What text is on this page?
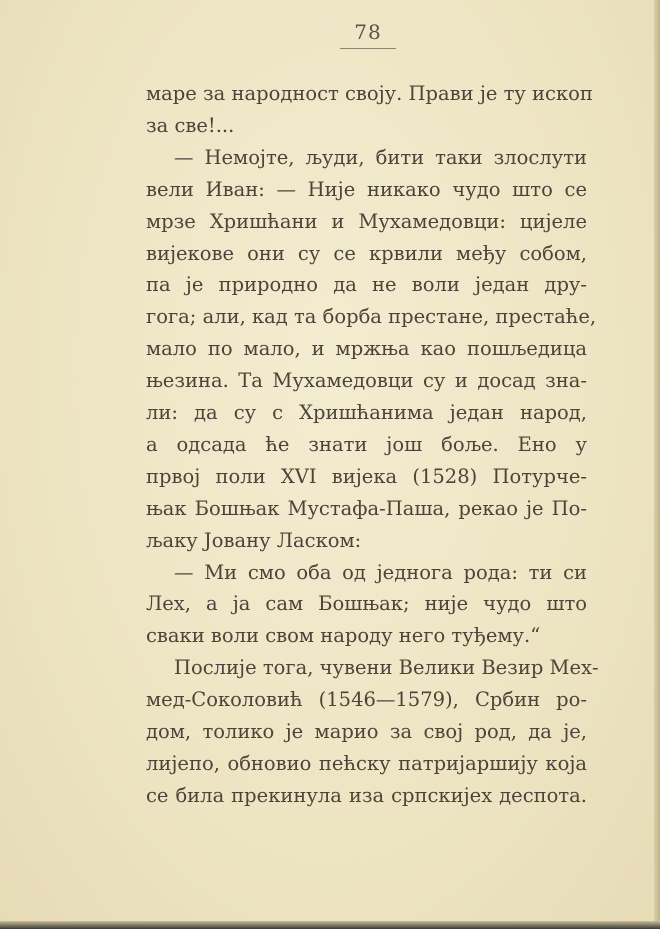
78
маре за народност своју. Прави је ту ископ
за све!...
— Немојте, људи, бити таки злослути
вели Иван: — Није никако чудо што се
мрзе Хришћани и Мухамедовци: цијеле
вијекове они су се крвили међу собом,
па је природно да не воли један дру-
гога; али, кад та борба престане, престаће,
мало по мало, и мржња као пошљедица
њезина. Та Мухамедовци су и досад зна-
ли: да су с Хришћанима један народ,
а одсада ће знати још боље. Ено у
првој поли XVI вијека (1528) Потурче-
њак Бошњак Мустафа-Паша, рекао је По-
љаку Јовану Ласком:
— Ми смо оба од једнога рода: ти си
Лех, а ја сам Бошњак; није чудо што
сваки воли свом народу него туђему.“
Послије тога, чувени Велики Везир Мех-
мед-Соколовић (1546—1579), Србин ро-
дом, толико је марио за свој род, да је,
лијепо, обновио пећску патријаршију која
се била прекинула иза српскијех деспота.
